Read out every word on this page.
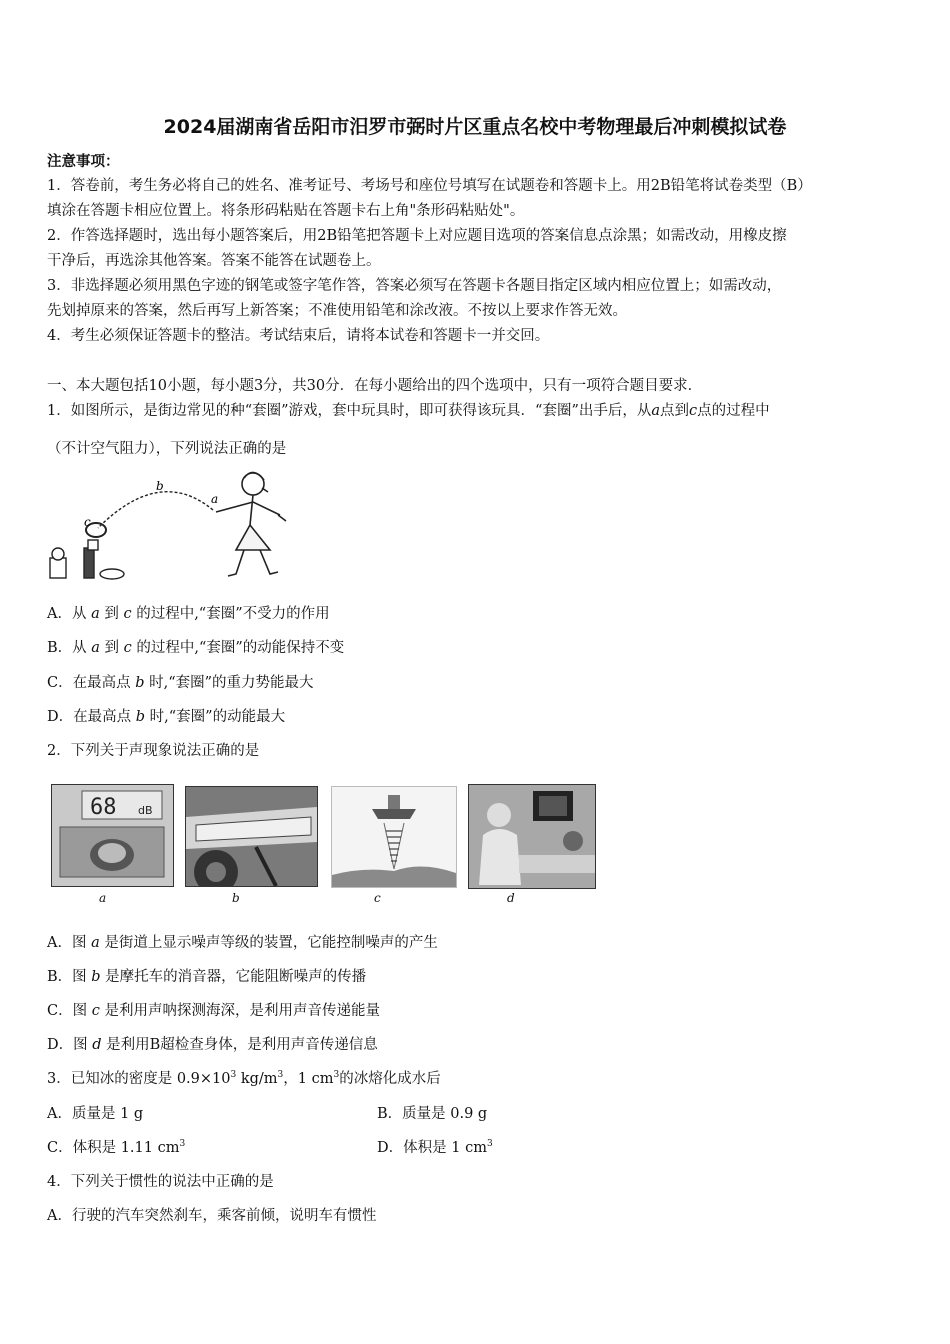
2024届湖南省岳阳市汨罗市弼时片区重点名校中考物理最后冲刺模拟试卷
注意事项：
1．答卷前，考生务必将自己的姓名、准考证号、考场号和座位号填写在试题卷和答题卡上。用2B铅笔将试卷类型（B）
填涂在答题卡相应位置上。将条形码粘贴在答题卡右上角"条形码粘贴处"。
2．作答选择题时，选出每小题答案后，用2B铅笔把答题卡上对应题目选项的答案信息点涂黑；如需改动，用橡皮擦
干净后，再选涂其他答案。答案不能答在试题卷上。
3．非选择题必须用黑色字迹的钢笔或签字笔作答，答案必须写在答题卡各题目指定区域内相应位置上；如需改动，
先划掉原来的答案，然后再写上新答案；不准使用铅笔和涂改液。不按以上要求作答无效。
4．考生必须保证答题卡的整洁。考试结束后，请将本试卷和答题卡一并交回。
一、本大题包括10小题，每小题3分，共30分．在每小题给出的四个选项中，只有一项符合题目要求．
1．如图所示，是街边常见的种“套圈”游戏，套中玩具时，即可获得该玩具．“套圈”出手后，从a点到c点的过程中
（不计空气阻力），下列说法正确的是
a
b
c
A．从 a 到 c 的过程中,“套圈”不受力的作用
B．从 a 到 c 的过程中,“套圈”的动能保持不变
C．在最高点 b 时,“套圈”的重力势能最大
D．在最高点 b 时,“套圈”的动能最大
2．下列关于声现象说法正确的是
68 dB
a	b	c	d
A．图 a 是街道上显示噪声等级的装置，它能控制噪声的产生
B．图 b 是摩托车的消音器，它能阻断噪声的传播
C．图 c 是利用声呐探测海深，是利用声音传递能量
D．图 d 是利用B超检查身体，是利用声音传递信息
3．已知冰的密度是 $0.9\times 10^3$ $kg/m^3$，1 $cm^3$的冰熔化成水后
A．质量是 1 g	B．质量是 0.9 g
C．体积是 1.11 $cm^3$	D．体积是 1 $cm^3$
4．下列关于惯性的说法中正确的是
A．行驶的汽车突然刹车，乘客前倾，说明车有惯性
